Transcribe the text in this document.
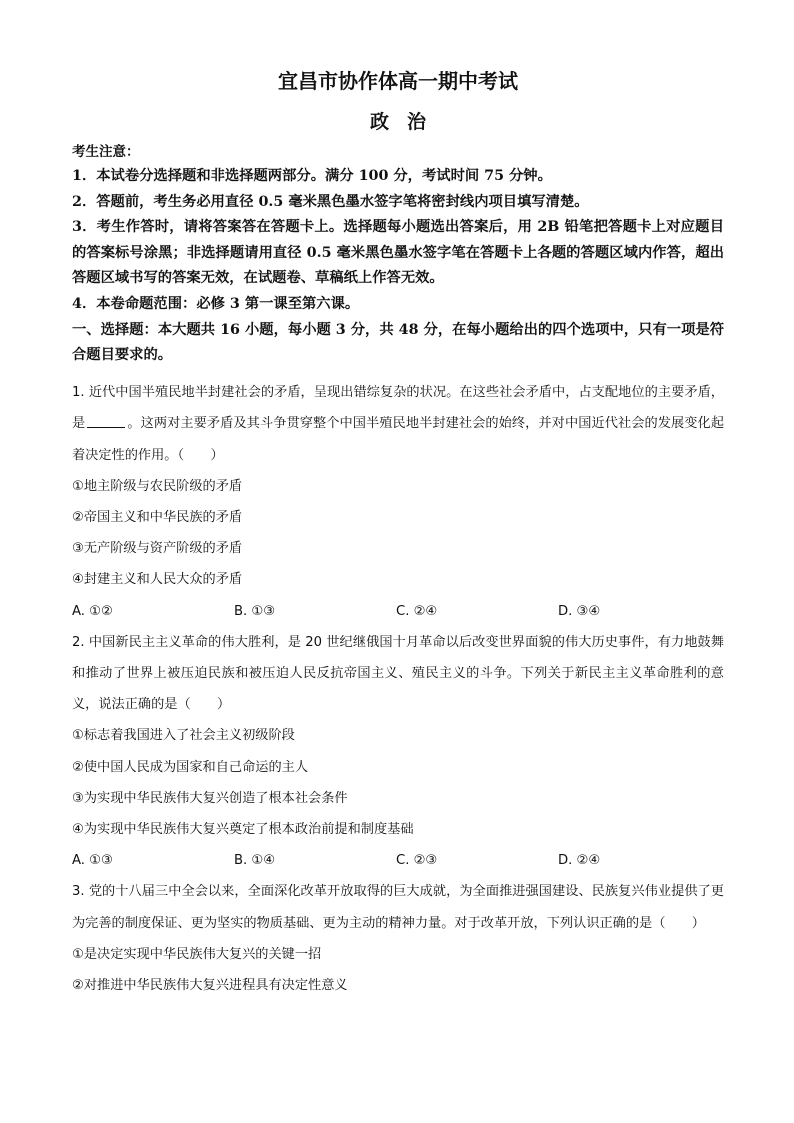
宜昌市协作体高一期中考试
政治

考生注意：

1．本试卷分选择题和非选择题两部分。满分 100 分，考试时间 75 分钟。

2．答题前，考生务必用直径 0.5 毫米黑色墨水签字笔将密封线内项目填写清楚。

3．考生作答时，请将答案答在答题卡上。选择题每小题选出答案后，用 2B 铅笔把答题卡上对应题目的答案标号涂黑；非选择题请用直径 0.5 毫米黑色墨水签字笔在答题卡上各题的答题区域内作答，超出答题区域书写的答案无效，在试题卷、草稿纸上作答无效。

4．本卷命题范围：必修 3 第一课至第六课。

一、选择题：本大题共 16 小题，每小题 3 分，共 48 分，在每小题给出的四个选项中，只有一项是符合题目要求的。

1. 近代中国半殖民地半封建社会的矛盾，呈现出错综复杂的状况。在这些社会矛盾中，占支配地位的主要矛盾，是	。这两对主要矛盾及其斗争贯穿整个中国半殖民地半封建社会的始终，并对中国近代社会的发展变化起着决定性的作用。（　　）

①地主阶级与农民阶级的矛盾

②帝国主义和中华民族的矛盾

③无产阶级与资产阶级的矛盾

④封建主义和人民大众的矛盾

A. ①②	B. ①③	C. ②④	D. ③④

2. 中国新民主主义革命的伟大胜利，是 20 世纪继俄国十月革命以后改变世界面貌的伟大历史事件，有力地鼓舞和推动了世界上被压迫民族和被压迫人民反抗帝国主义、殖民主义的斗争。下列关于新民主主义革命胜利的意义，说法正确的是（　　）

①标志着我国进入了社会主义初级阶段

②使中国人民成为国家和自己命运的主人

③为实现中华民族伟大复兴创造了根本社会条件

④为实现中华民族伟大复兴奠定了根本政治前提和制度基础

A. ①③	B. ①④	C. ②③	D. ②④

3. 党的十八届三中全会以来，全面深化改革开放取得的巨大成就，为全面推进强国建设、民族复兴伟业提供了更为完善的制度保证、更为坚实的物质基础、更为主动的精神力量。对于改革开放，下列认识正确的是（　　）

①是决定实现中华民族伟大复兴的关键一招

②对推进中华民族伟大复兴进程具有决定性意义
